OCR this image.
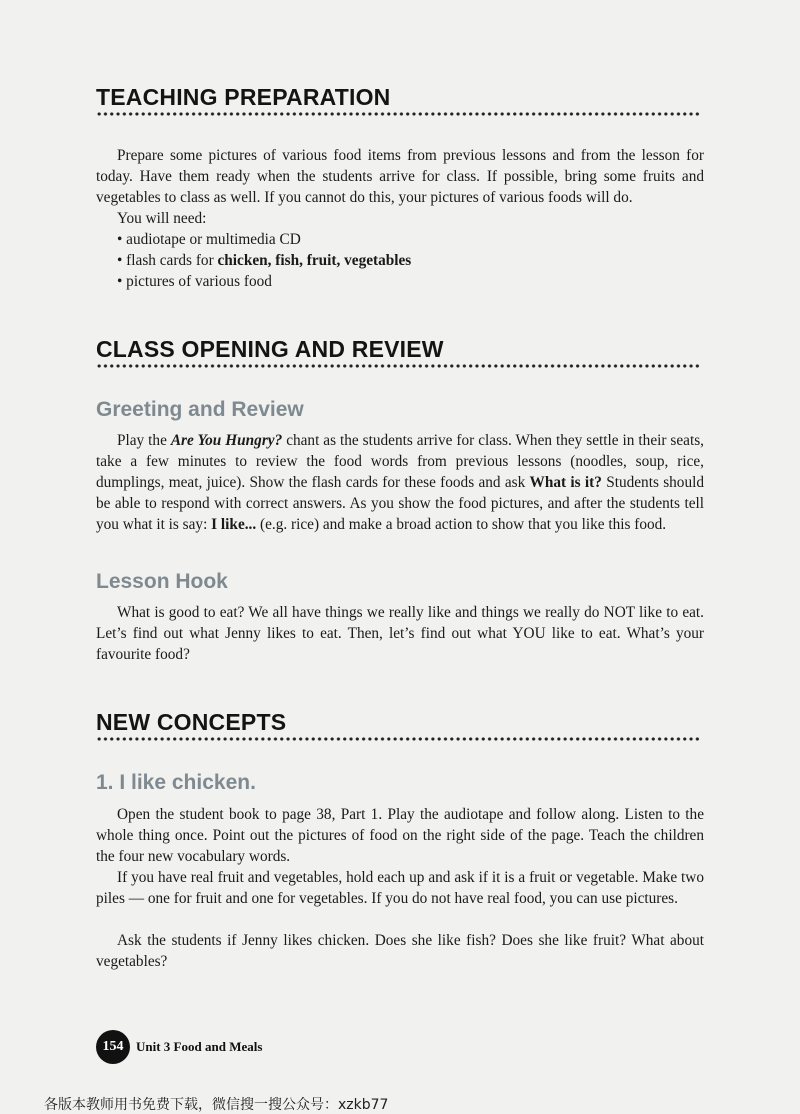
TEACHING PREPARATION

Prepare some pictures of various food items from previous lessons and from the lesson for today. Have them ready when the students arrive for class. If possible, bring some fruits and vegetables to class as well. If you cannot do this, your pictures of various foods will do.

You will need:
• audiotape or multimedia CD
• flash cards for chicken, fish, fruit, vegetables
• pictures of various food
CLASS OPENING AND REVIEW
Greeting and Review

Play the Are You Hungry? chant as the students arrive for class. When they settle in their seats, take a few minutes to review the food words from previous lessons (noodles, soup, rice, dumplings, meat, juice). Show the flash cards for these foods and ask What is it? Students should be able to respond with correct answers. As you show the food pictures, and after the students tell you what it is say: I like... (e.g. rice) and make a broad action to show that you like this food.

Lesson Hook

What is good to eat? We all have things we really like and things we really do NOT like to eat. Let’s find out what Jenny likes to eat. Then, let’s find out what YOU like to eat. What’s your favourite food?

NEW CONCEPTS
1. I like chicken.

Open the student book to page 38, Part 1. Play the audiotape and follow along. Listen to the whole thing once. Point out the pictures of food on the right side of the page. Teach the children the four new vocabulary words.

If you have real fruit and vegetables, hold each up and ask if it is a fruit or vegetable. Make two piles — one for fruit and one for vegetables. If you do not have real food, you can use pictures.

Ask the students if Jenny likes chicken. Does she like fish? Does she like fruit? What about vegetables?

154 Unit 3 Food and Meals
各版本教师用书免费下载，微信搜一搜公众号：xzkb77
